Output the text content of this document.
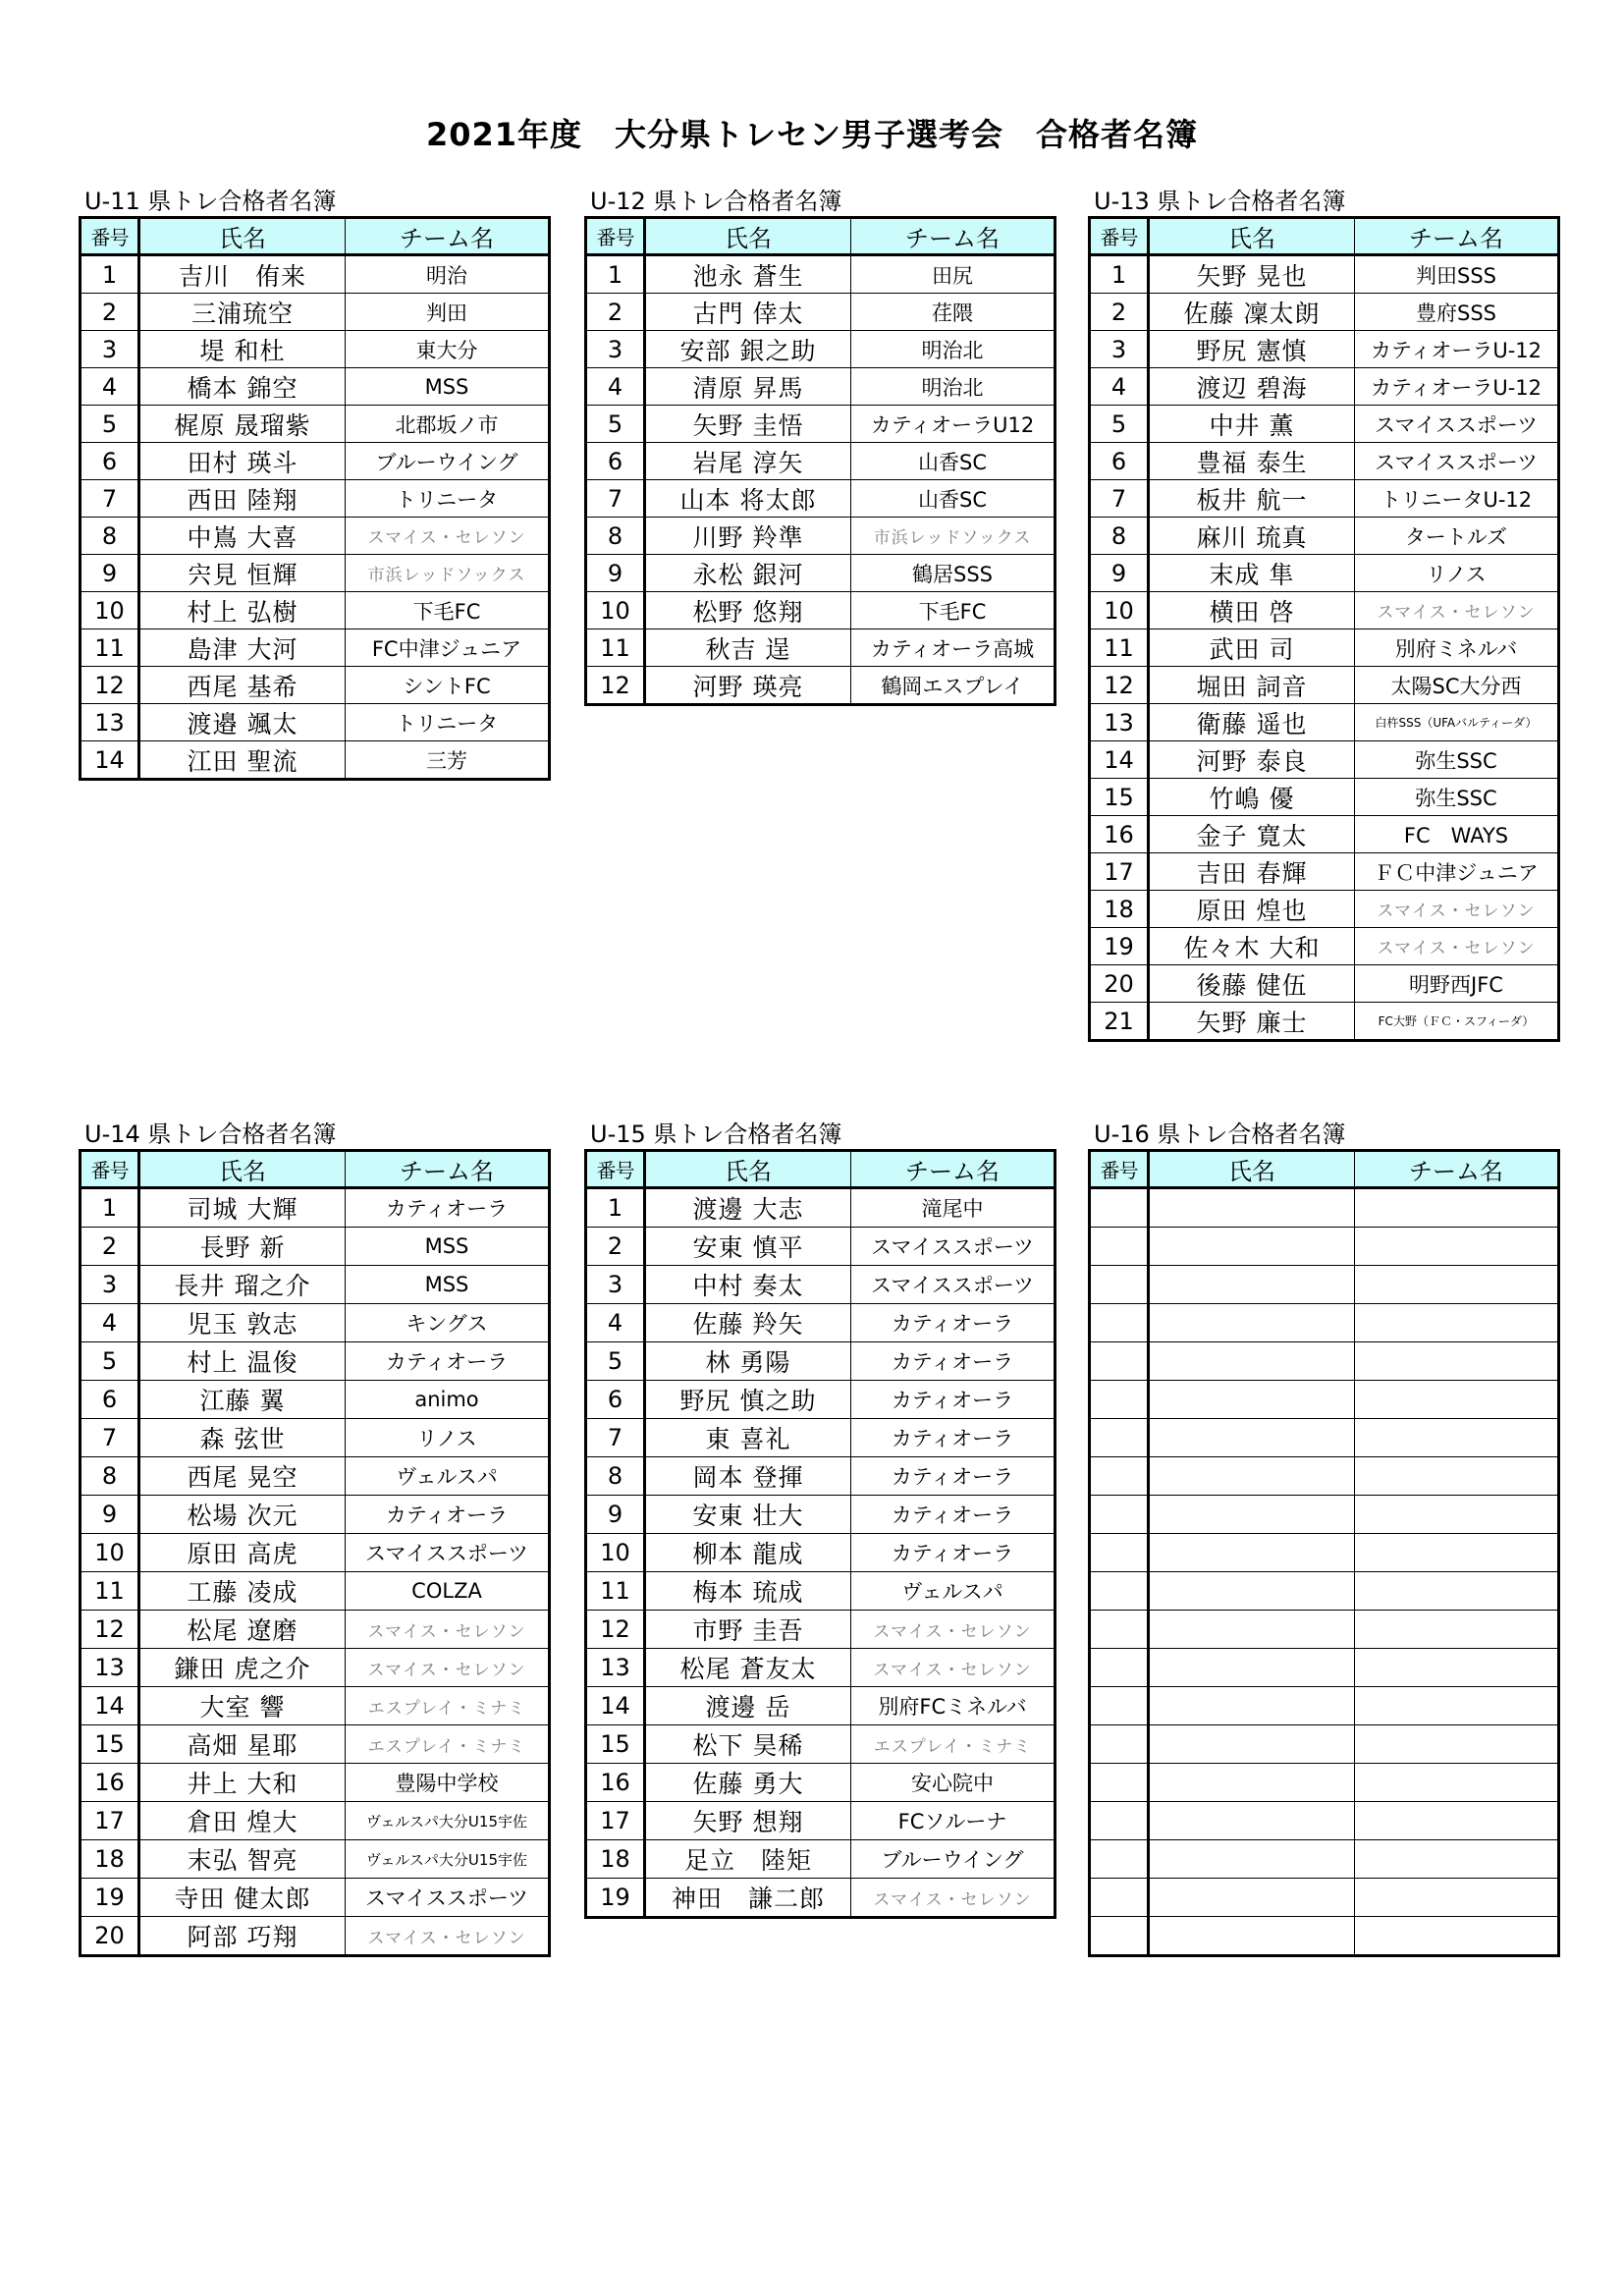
2021年度　大分県トレセン男子選考会　合格者名簿
U-11 県トレ合格者名簿
番号	氏名	チーム名
1	吉川　侑来	明治
2	三浦琉空	判田
3	堤 和杜	東大分
4	橋本 錦空	MSS
5	梶原 晟瑠紫	北郡坂ノ市
6	田村 瑛斗	ブルーウイング
7	西田 陸翔	トリニータ
8	中嶌 大喜	スマイス・セレソン
9	宍見 恒輝	市浜レッドソックス
10	村上 弘樹	下毛FC
11	島津 大河	FC中津ジュニア
12	西尾 基希	シントFC
13	渡邉 颯太	トリニータ
14	江田 聖流	三芳
U-12 県トレ合格者名簿
番号	氏名	チーム名
1	池永 蒼生	田尻
2	古門 倖太	荏隈
3	安部 銀之助	明治北
4	清原 昇馬	明治北
5	矢野 圭悟	カティオーラU12
6	岩尾 淳矢	山香SC
7	山本 将太郎	山香SC
8	川野 羚準	市浜レッドソックス
9	永松 銀河	鶴居SSS
10	松野 悠翔	下毛FC
11	秋吉 逞	カティオーラ高城
12	河野 瑛亮	鶴岡エスプレイ
U-13 県トレ合格者名簿
番号	氏名	チーム名
1	矢野 晃也	判田SSS
2	佐藤 凜太朗	豊府SSS
3	野尻 憲慎	カティオーラU-12
4	渡辺 碧海	カティオーラU-12
5	中井 薫	スマイススポーツ
6	豊福 泰生	スマイススポーツ
7	板井 航一	トリニータU-12
8	麻川 琉真	タートルズ
9	末成 隼	リノス
10	横田 啓	スマイス・セレソン
11	武田 司	別府ミネルバ
12	堀田 詞音	太陽SC大分西
13	衛藤 遥也	白杵SSS（UFAバルティーダ）
14	河野 泰良	弥生SSC
15	竹嶋 優	弥生SSC
16	金子 寛太	FC　WAYS
17	吉田 春輝	ＦＣ中津ジュニア
18	原田 煌也	スマイス・セレソン
19	佐々木 大和	スマイス・セレソン
20	後藤 健伍	明野西JFC
21	矢野 廉士	FC大野（ＦＣ・スフィーダ）
U-14 県トレ合格者名簿
番号	氏名	チーム名
1	司城 大輝	カティオーラ
2	長野 新	MSS
3	長井 瑠之介	MSS
4	児玉 敦志	キングス
5	村上 温俊	カティオーラ
6	江藤 翼	animo
7	森 弦世	リノス
8	西尾 晃空	ヴェルスパ
9	松場 次元	カティオーラ
10	原田 高虎	スマイススポーツ
11	工藤 凌成	COLZA
12	松尾 遼磨	スマイス・セレソン
13	鎌田 虎之介	スマイス・セレソン
14	大室 響	エスプレイ・ミナミ
15	高畑 星耶	エスプレイ・ミナミ
16	井上 大和	豊陽中学校
17	倉田 煌大	ヴェルスパ大分U15宇佐
18	末弘 智亮	ヴェルスパ大分U15宇佐
19	寺田 健太郎	スマイススポーツ
20	阿部 巧翔	スマイス・セレソン
U-15 県トレ合格者名簿
番号	氏名	チーム名
1	渡邊 大志	滝尾中
2	安東 慎平	スマイススポーツ
3	中村 奏太	スマイススポーツ
4	佐藤 羚矢	カティオーラ
5	林 勇陽	カティオーラ
6	野尻 慎之助	カティオーラ
7	東 喜礼	カティオーラ
8	岡本 登揮	カティオーラ
9	安東 壮大	カティオーラ
10	柳本 龍成	カティオーラ
11	梅本 琉成	ヴェルスパ
12	市野 圭吾	スマイス・セレソン
13	松尾 蒼友太	スマイス・セレソン
14	渡邊 岳	別府FCミネルバ
15	松下 昊稀	エスプレイ・ミナミ
16	佐藤 勇大	安心院中
17	矢野 想翔	FCソルーナ
18	足立　陸矩	ブルーウイング
19	神田　謙二郎	スマイス・セレソン
U-16 県トレ合格者名簿
番号	氏名	チーム名
